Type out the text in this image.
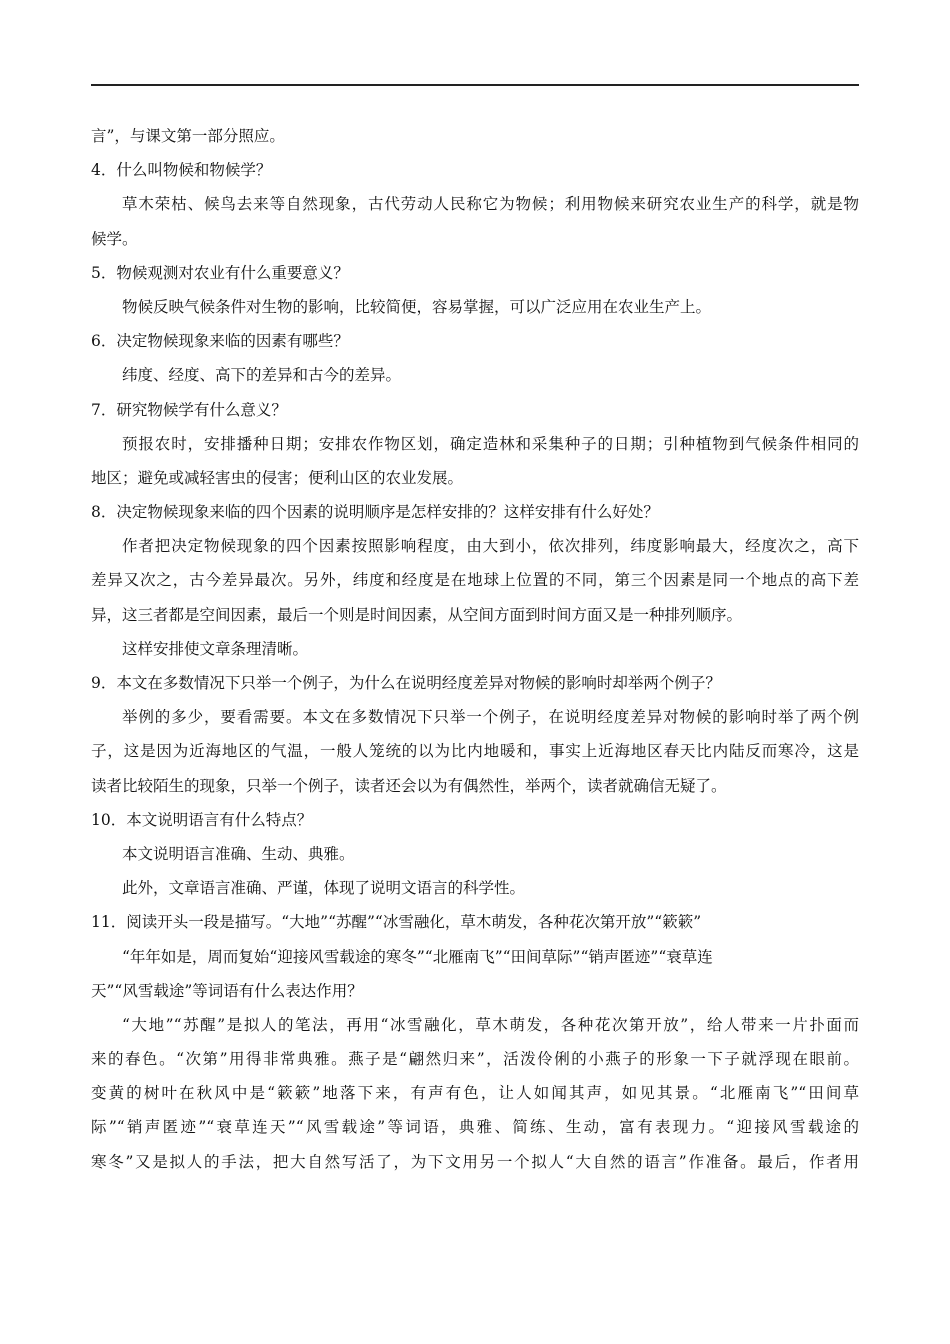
言”，与课文第一部分照应。
4．什么叫物候和物候学？
草木荣枯、候鸟去来等自然现象，古代劳动人民称它为物候；利用物候来研究农业生产的科学，就是物
候学。
5．物候观测对农业有什么重要意义？
物候反映气候条件对生物的影响，比较简便，容易掌握，可以广泛应用在农业生产上。
6．决定物候现象来临的因素有哪些？
纬度、经度、高下的差异和古今的差异。
7．研究物候学有什么意义？
预报农时，安排播种日期；安排农作物区划，确定造林和采集种子的日期；引种植物到气候条件相同的
地区；避免或减轻害虫的侵害；便利山区的农业发展。
8．决定物候现象来临的四个因素的说明顺序是怎样安排的？这样安排有什么好处？
作者把决定物候现象的四个因素按照影响程度，由大到小，依次排列，纬度影响最大，经度次之，高下
差异又次之，古今差异最次。另外，纬度和经度是在地球上位置的不同，第三个因素是同一个地点的高下差
异，这三者都是空间因素，最后一个则是时间因素，从空间方面到时间方面又是一种排列顺序。
这样安排使文章条理清晰。
9．本文在多数情况下只举一个例子，为什么在说明经度差异对物候的影响时却举两个例子？
举例的多少，要看需要。本文在多数情况下只举一个例子，在说明经度差异对物候的影响时举了两个例
子，这是因为近海地区的气温，一般人笼统的以为比内地暖和，事实上近海地区春天比内陆反而寒冷，这是
读者比较陌生的现象，只举一个例子，读者还会以为有偶然性，举两个，读者就确信无疑了。
10．本文说明语言有什么特点？
本文说明语言准确、生动、典雅。
此外，文章语言准确、严谨，体现了说明文语言的科学性。
11．阅读开头一段是描写。“大地”“苏醒”“冰雪融化，草木萌发，各种花次第开放”“簌簌”
“年年如是，周而复始“迎接风雪载途的寒冬”“北雁南飞”“田间草际”“销声匿迹”“衰草连
天”“风雪载途”等词语有什么表达作用？
“大地”“苏醒”是拟人的笔法，再用“冰雪融化，草木萌发，各种花次第开放”，给人带来一片扑面而
来的春色。“次第”用得非常典雅。燕子是“翩然归来”，活泼伶俐的小燕子的形象一下子就浮现在眼前。
变黄的树叶在秋风中是“簌簌”地落下来，有声有色，让人如闻其声，如见其景。“北雁南飞”“田间草
际”“销声匿迹”“衰草连天”“风雪载途”等词语，典雅、简练、生动，富有表现力。“迎接风雪载途的
寒冬”又是拟人的手法，把大自然写活了，为下文用另一个拟人“大自然的语言”作准备。最后，作者用
